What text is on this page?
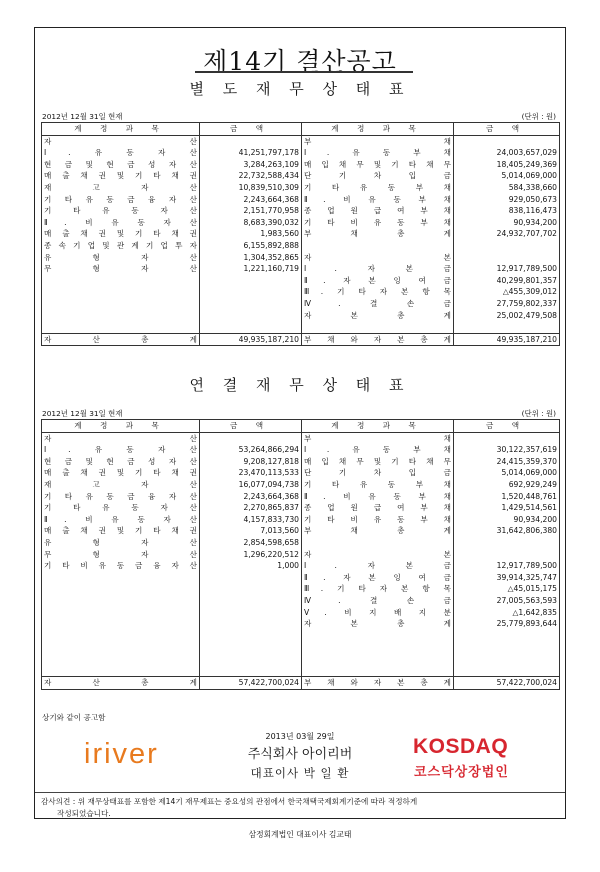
제14기 결산공고
별 도 재 무 상 태 표
2012년 12월 31일 현재	(단위 : 원)
계 정 과 목	금 액	계 정 과 목	금 액
자 산		부 채	
Ⅰ. 유 동 자 산	41,251,797,178	Ⅰ. 유 동 부 채	24,003,657,029
현 금 및 현 금 성 자 산	3,284,263,109	매 입 채 무 및 기 타 채 무	18,405,249,369
매 출 채 권 및 기 타 채 권	22,732,588,434	단 기 차 입 금	5,014,069,000
재 고 자 산	10,839,510,309	기 타 유 동 부 채	584,338,660
기 타 유 동 금 융 자 산	2,243,664,368	Ⅱ. 비 유 동 부 채	929,050,673
기 타 유 동 자 산	2,151,770,958	종 업 원 급 여 부 채	838,116,473
Ⅱ. 비 유 동 자 산	8,683,390,032	기 타 비 유 동 부 채	90,934,200
매 출 채 권 및 기 타 채 권	1,983,560	부 채 총 계	24,932,707,702
종 속 기 업 및 관 계 기 업 투 자	6,155,892,888		
유 형 자 산	1,304,352,865	자 본	
무 형 자 산	1,221,160,719	Ⅰ. 자 본 금	12,917,789,500
		Ⅱ. 자 본 잉 여 금	40,299,801,357
		Ⅲ. 기 타 자 본 항 목	△455,309,012
		Ⅳ. 결 손 금	27,759,802,337
		자 본 총 계	25,002,479,508

자 산 총 계	49,935,187,210	부 채 와 자 본 총 계	49,935,187,210
연 결 재 무 상 태 표
2012년 12월 31일 현재	(단위 : 원)
계 정 과 목	금 액	계 정 과 목	금 액
자 산		부 채	
Ⅰ. 유 동 자 산	53,264,866,294	Ⅰ. 유 동 부 채	30,122,357,619
현 금 및 현 금 성 자 산	9,208,127,818	매 입 채 무 및 기 타 채 무	24,415,359,370
매 출 채 권 및 기 타 채 권	23,470,113,533	단 기 차 입 금	5,014,069,000
재 고 자 산	16,077,094,738	기 타 유 동 부 채	692,929,249
기 타 유 동 금 융 자 산	2,243,664,368	Ⅱ. 비 유 동 부 채	1,520,448,761
기 타 유 동 자 산	2,270,865,837	종 업 원 급 여 부 채	1,429,514,561
Ⅱ. 비 유 동 자 산	4,157,833,730	기 타 비 유 동 부 채	90,934,200
매 출 채 권 및 기 타 채 권	7,013,560	부 채 총 계	31,642,806,380
유 형 자 산	2,854,598,658		
무 형 자 산	1,296,220,512	자 본	
기 타 비 유 동 금 융 자 산	1,000	Ⅰ. 자 본 금	12,917,789,500
		Ⅱ. 자 본 잉 여 금	39,914,325,747
		Ⅲ. 기 타 자 본 항 목	△45,015,175
		Ⅳ. 결 손 금	27,005,563,593
		Ⅴ. 비 지 배 지 분	△1,642,835
		자 본 총 계	25,779,893,644

자 산 총 계	57,422,700,024	부 채 와 자 본 총 계	57,422,700,024
상기와 같이 공고함
iriver
2013년 03월 29일
주식회사 아이리버
대표이사 박 일 환
KOSDAQ
코스닥상장법인
감사의견 : 위 재무상태표를 포함한 제14기 재무제표는 중요성의 관점에서 한국채택국제회계기준에 따라 적정하게
작성되었습니다.
삼정회계법인 대표이사 김교태
